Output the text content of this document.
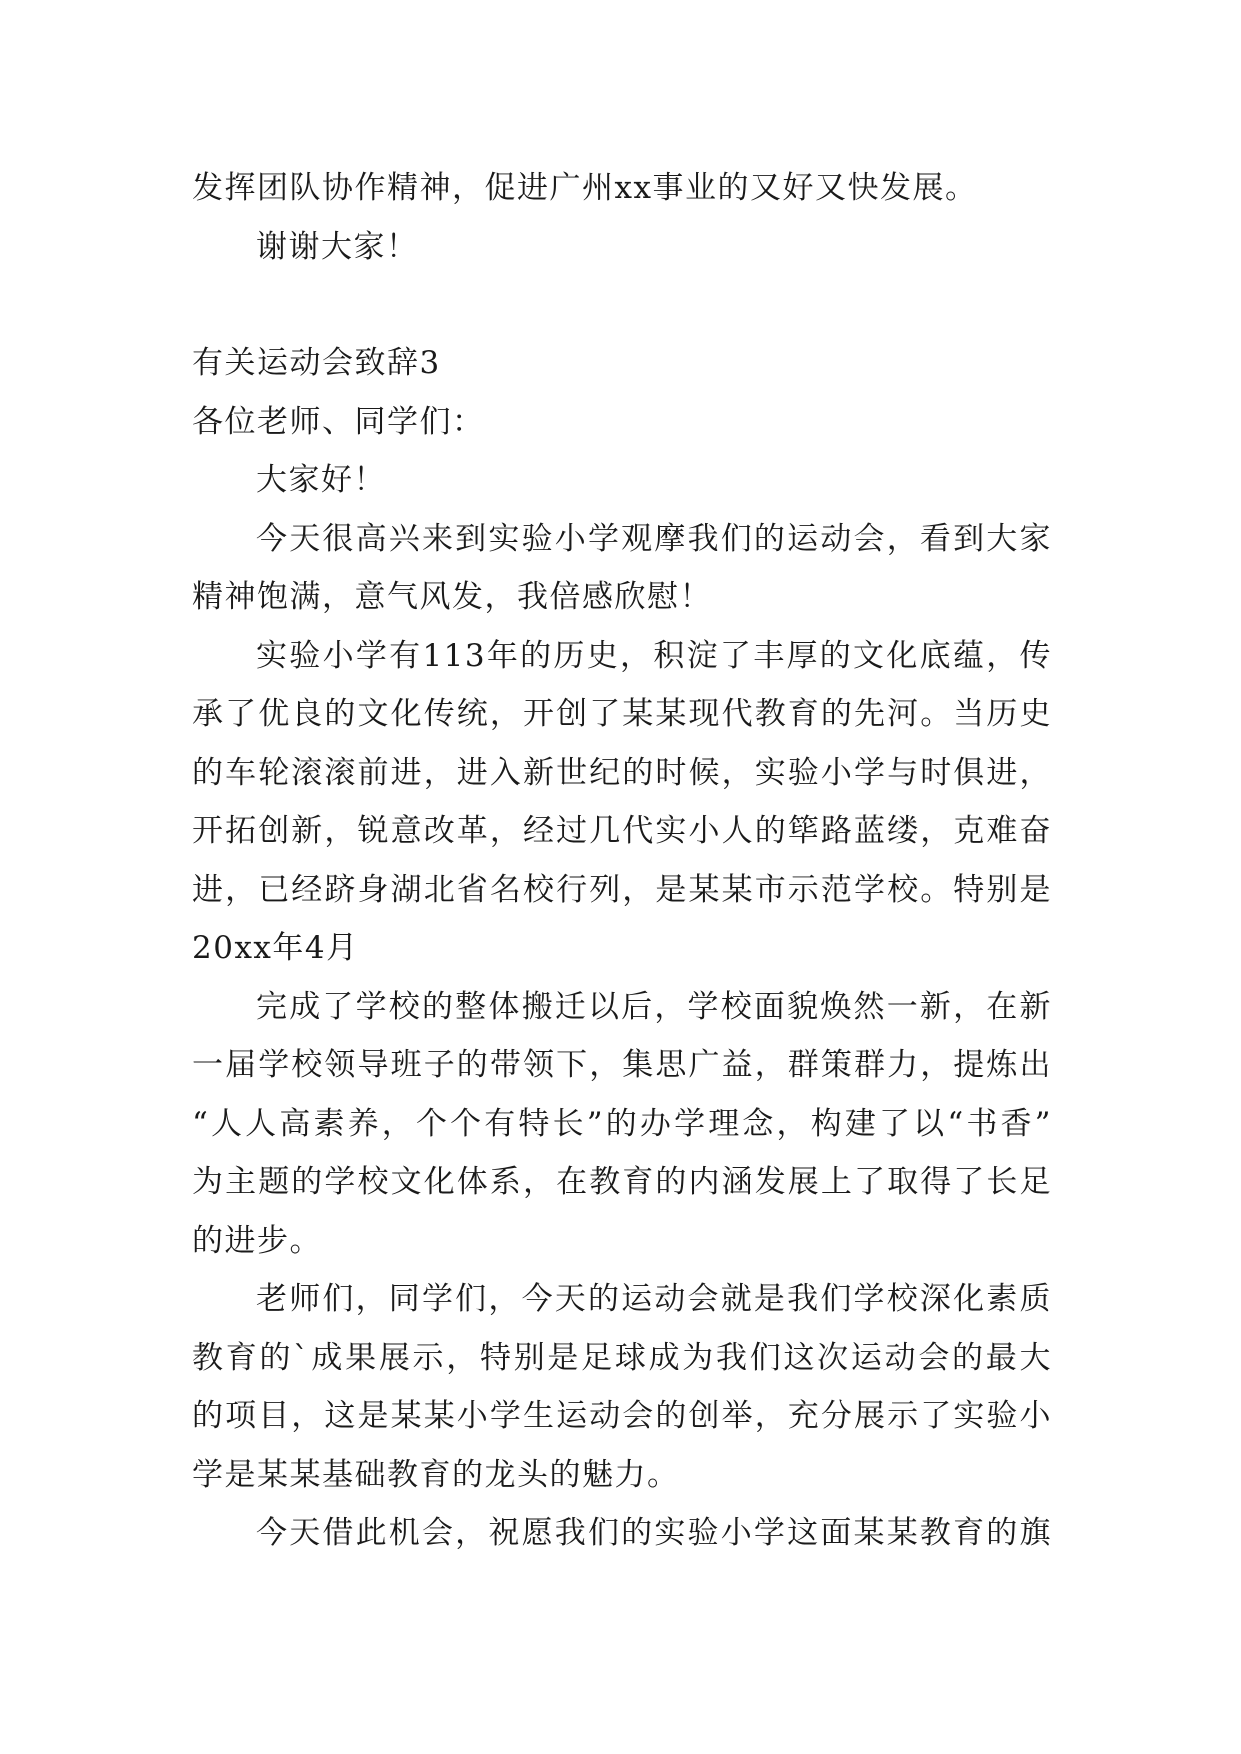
发挥团队协作精神，促进广州xx事业的又好又快发展。
谢谢大家！
有关运动会致辞3
各位老师、同学们：
大家好！
今天很高兴来到实验小学观摩我们的运动会，看到大家
精神饱满，意气风发，我倍感欣慰！
实验小学有113年的历史，积淀了丰厚的文化底蕴，传
承了优良的文化传统，开创了某某现代教育的先河。当历史
的车轮滚滚前进，进入新世纪的时候，实验小学与时俱进，
开拓创新，锐意改革，经过几代实小人的筚路蓝缕，克难奋
进，已经跻身湖北省名校行列，是某某市示范学校。特别是
20xx年4月
完成了学校的整体搬迁以后，学校面貌焕然一新，在新
一届学校领导班子的带领下，集思广益，群策群力，提炼出
“人人高素养，个个有特长”的办学理念，构建了以“书香”
为主题的学校文化体系，在教育的内涵发展上了取得了长足
的进步。
老师们，同学们，今天的运动会就是我们学校深化素质
教育的`成果展示，特别是足球成为我们这次运动会的最大
的项目，这是某某小学生运动会的创举，充分展示了实验小
学是某某基础教育的龙头的魅力。
今天借此机会，祝愿我们的实验小学这面某某教育的旗
